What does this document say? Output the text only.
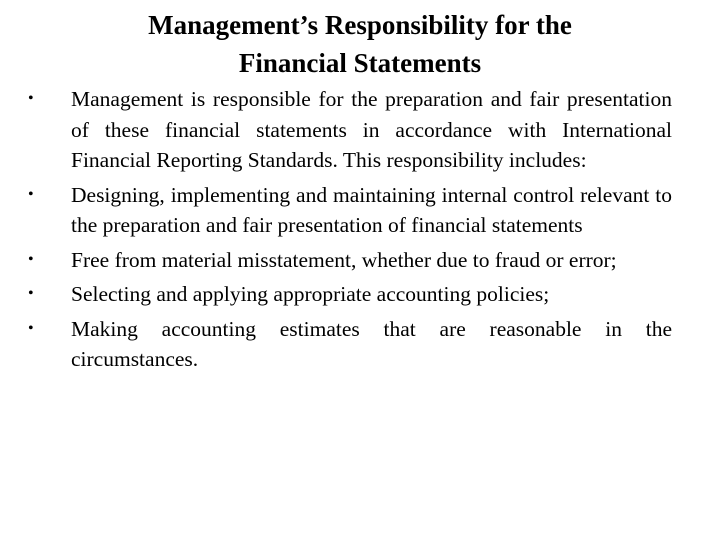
Management’s Responsibility for the
Financial Statements
• Management is responsible for the preparation and fair presentation of these financial statements in accordance with International Financial Reporting Standards. This responsibility includes:
• Designing, implementing and maintaining internal control relevant to the preparation and fair presentation of financial statements
• Free from material misstatement, whether due to fraud or error;
• Selecting and applying appropriate accounting policies;
• Making accounting estimates that are reasonable in the circumstances.
